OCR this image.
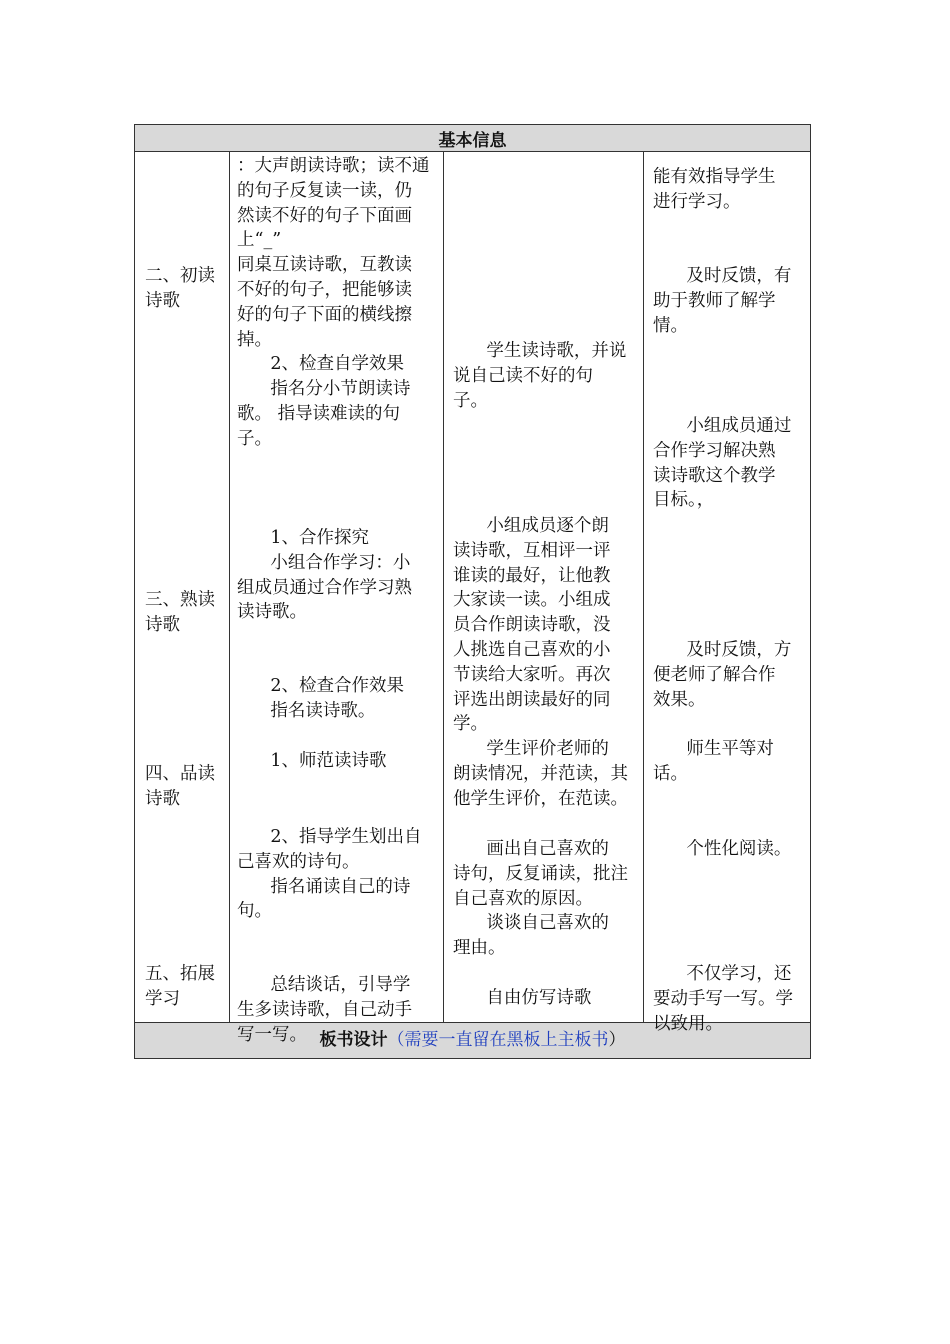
基本信息
二、初读
诗歌
三、熟读
诗歌
四、品读
诗歌
五、拓展
学习
：大声朗读诗歌；读不通
的句子反复读一读，仍
然读不好的句子下面画
上“_”
同桌互读诗歌，互教读
不好的句子，把能够读
好的句子下面的横线擦
掉。
2、检查自学效果
指名分小节朗读诗
歌。 指导读难读的句
子。
1、合作探究
小组合作学习：小
组成员通过合作学习熟
读诗歌。
2、检查合作效果
指名读诗歌。
1、师范读诗歌
2、指导学生划出自
己喜欢的诗句。
指名诵读自己的诗
句。
总结谈话，引导学
生多读诗歌，自己动手
写一写。
学生读诗歌，并说
说自己读不好的句
子。
小组成员逐个朗
读诗歌，互相评一评
谁读的最好，让他教
大家读一读。小组成
员合作朗读诗歌，没
人挑选自己喜欢的小
节读给大家听。再次
评选出朗读最好的同
学。
学生评价老师的
朗读情况，并范读，其
他学生评价，在范读。
画出自己喜欢的
诗句，反复诵读，批注
自己喜欢的原因。
谈谈自己喜欢的
理由。
自由仿写诗歌
能有效指导学生
进行学习。
及时反馈，有
助于教师了解学
情。
小组成员通过
合作学习解决熟
读诗歌这个教学
目标。，
及时反馈，方
便老师了解合作
效果。
师生平等对
话。
个性化阅读。
不仅学习，还
要动手写一写。学
以致用。
板书设计 （ 需要一直留在黑板上主板书 ）
